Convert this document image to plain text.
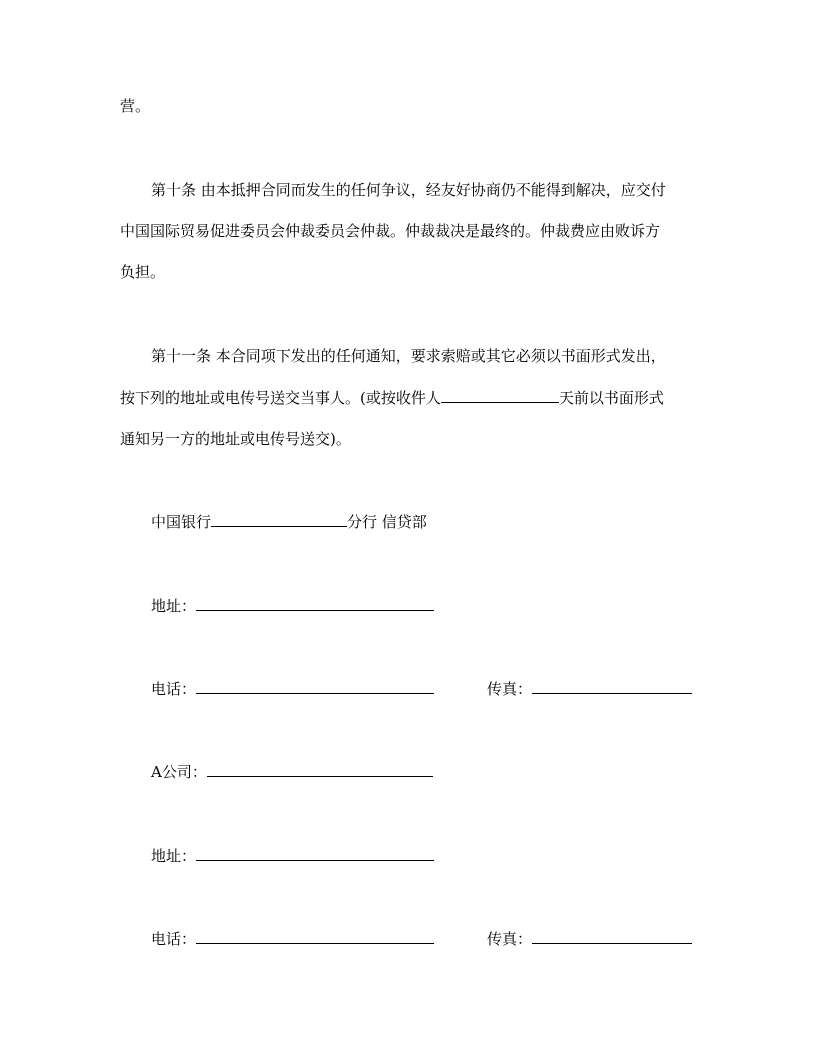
营。
第十条 由本抵押合同而发生的任何争议，经友好协商仍不能得到解决，应交付
中国国际贸易促进委员会仲裁委员会仲裁。仲裁裁决是最终的。仲裁费应由败诉方
负担。
第十一条 本合同项下发出的任何通知，要求索赔或其它必须以书面形式发出，
按下列的地址或电传号送交当事人。(或按收件人	天前以书面形式
通知另一方的地址或电传号送交)。
中国银行	分行 信贷部
地址：
电话：	传真：
A公司：
地址：
电话：	传真：
